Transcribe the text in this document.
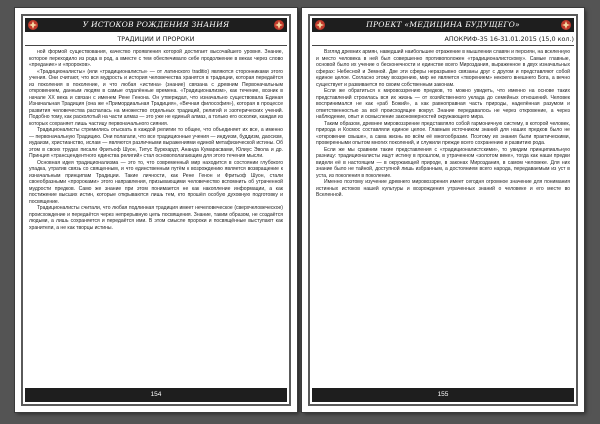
У ИСТОКОВ РОЖДЕНИЯ ЗНАНИЯ
ТРАДИЦИИ И ПРОРОКИ

ной формой существования, качество проявления которой достигает высочайшего уровня. Знание, которое переходило из рода в род, а вместе с тем обеспечивало себе продолжение в веках через слово «предание» и «пророков».

«Традиционалисты» (или «традиционалисты» — от латинского traditio) являются сторонниками этого учения. Они считают, что вся мудрость и история человечества хранятся в традиции, которая передаётся из поколения в поколение, и что любая «истина» (знание) связана с древним Первоначальным откровением, данным людям в самые отдалённые времена. «Традиционализм», как течение, возник в начале XX века и связан с именем Рене Генона. Он утверждал, что изначально существовала Единая Изначальная Традиция (она же «Примордиальная Традиция», «Вечная философия»), которая в процессе развития человечества распалась на множество отдельных традиций, религий и эзотерических учений. Подобно тому, как расколотый на части алмаз — это уже не единый алмаз, а только его осколки, каждая из которых сохраняет лишь частицу первоначального сияния.

Традиционалисты стремились отыскать в каждой религии то общее, что объединяет их все, а именно — первоначальную Традицию. Они полагали, что все традиционные учения — индуизм, буддизм, даосизм, иудаизм, христианство, ислам — являются различными выражениями единой метафизической истины. Об этом в своих трудах писали Фритьоф Шуон, Титус Буркхардт, Ананда Кумарасвами, Юлиус Эвола и др. Принцип «трансцендентного единства религий» стал основополагающим для этого течения мысли.

Основная идея традиционализма — это то, что современный мир находится в состоянии глубокого упадка, утратив связь со священным, и что единственным путём к возрождению является возвращение к изначальным принципам Традиции. Такие личности, как Рене Генон и Фритьоф Шуон, стали своеобразными «пророками» этого направления, призывающими человечество вспомнить об утраченной мудрости предков. Само же знание при этом понимается не как накопление информации, а как постижение высших истин, которые открываются лишь тем, кто прошёл особую духовную подготовку и посвящение.

Традиционалисты считали, что любая подлинная традиция имеет нечеловеческое (сверхчеловеческое) происхождение и передаётся через непрерывную цепь посвящения. Знание, таким образом, не создаётся людьми, а лишь сохраняется и передаётся ими. В этом смысле пророки и посвящённые выступают как хранители, а не как творцы истины.

154
ПРОЕКТ «МЕДИЦИНА БУДУЩЕГО»
АПОКРИФ-35 16-31.01.2015 (15,0 кол.)

Взгляд древних армян, наведший наибольшее отражение в мышлении славян и персиян, на вселенную и место человека в ней был совершенно противоположен «традиционалистскому». Самые главные, основой было их учение о бесконечности и единстве всего Мироздания, выраженное в двух изначальных сферах: Небесной и Земной. Две эти сферы неразрывно связаны друг с другом и представляют собой единое целое. Согласно этому воззрению, мир не является «творением» некоего внешнего Бога, а вечно существует и развивается по своим собственным законам.

Если же обратиться к мировоззрению предков, то можно увидеть, что именно на основе таких представлений строилась вся их жизнь — от хозяйственного уклада до семейных отношений. Человек воспринимался не как «раб Божий», а как равноправная часть природы, наделённая разумом и ответственностью за всё происходящее вокруг. Знание передавалось не через откровение, а через наблюдение, опыт и осмысление закономерностей окружающего мира.

Таким образом, древнее мировоззрение представляло собой гармоничную систему, в которой человек, природа и Космос составляли единое целое. Главным источником знаний для наших предков было не «откровение свыше», а сама жизнь во всём её многообразии. Поэтому их знания были практическими, проверенными опытом многих поколений, и служили прежде всего сохранению и развитию рода.

Если же мы сравним такие представления с «традиционалистскими», то увидим принципиальную разницу: традиционалисты ищут истину в прошлом, в утраченном «золотом веке», тогда как наши предки видели её в настоящем — в окружающей природе, в законах Мироздания, в самом человеке. Для них знание было не тайной, доступной лишь избранным, а достоянием всего народа, передаваемым из уст в уста, из поколения в поколение.

Именно поэтому изучение древнего мировоззрения имеет сегодня огромное значение для понимания истинных истоков нашей культуры и возрождения утраченных знаний о человеке и его месте во Вселенной.

155
